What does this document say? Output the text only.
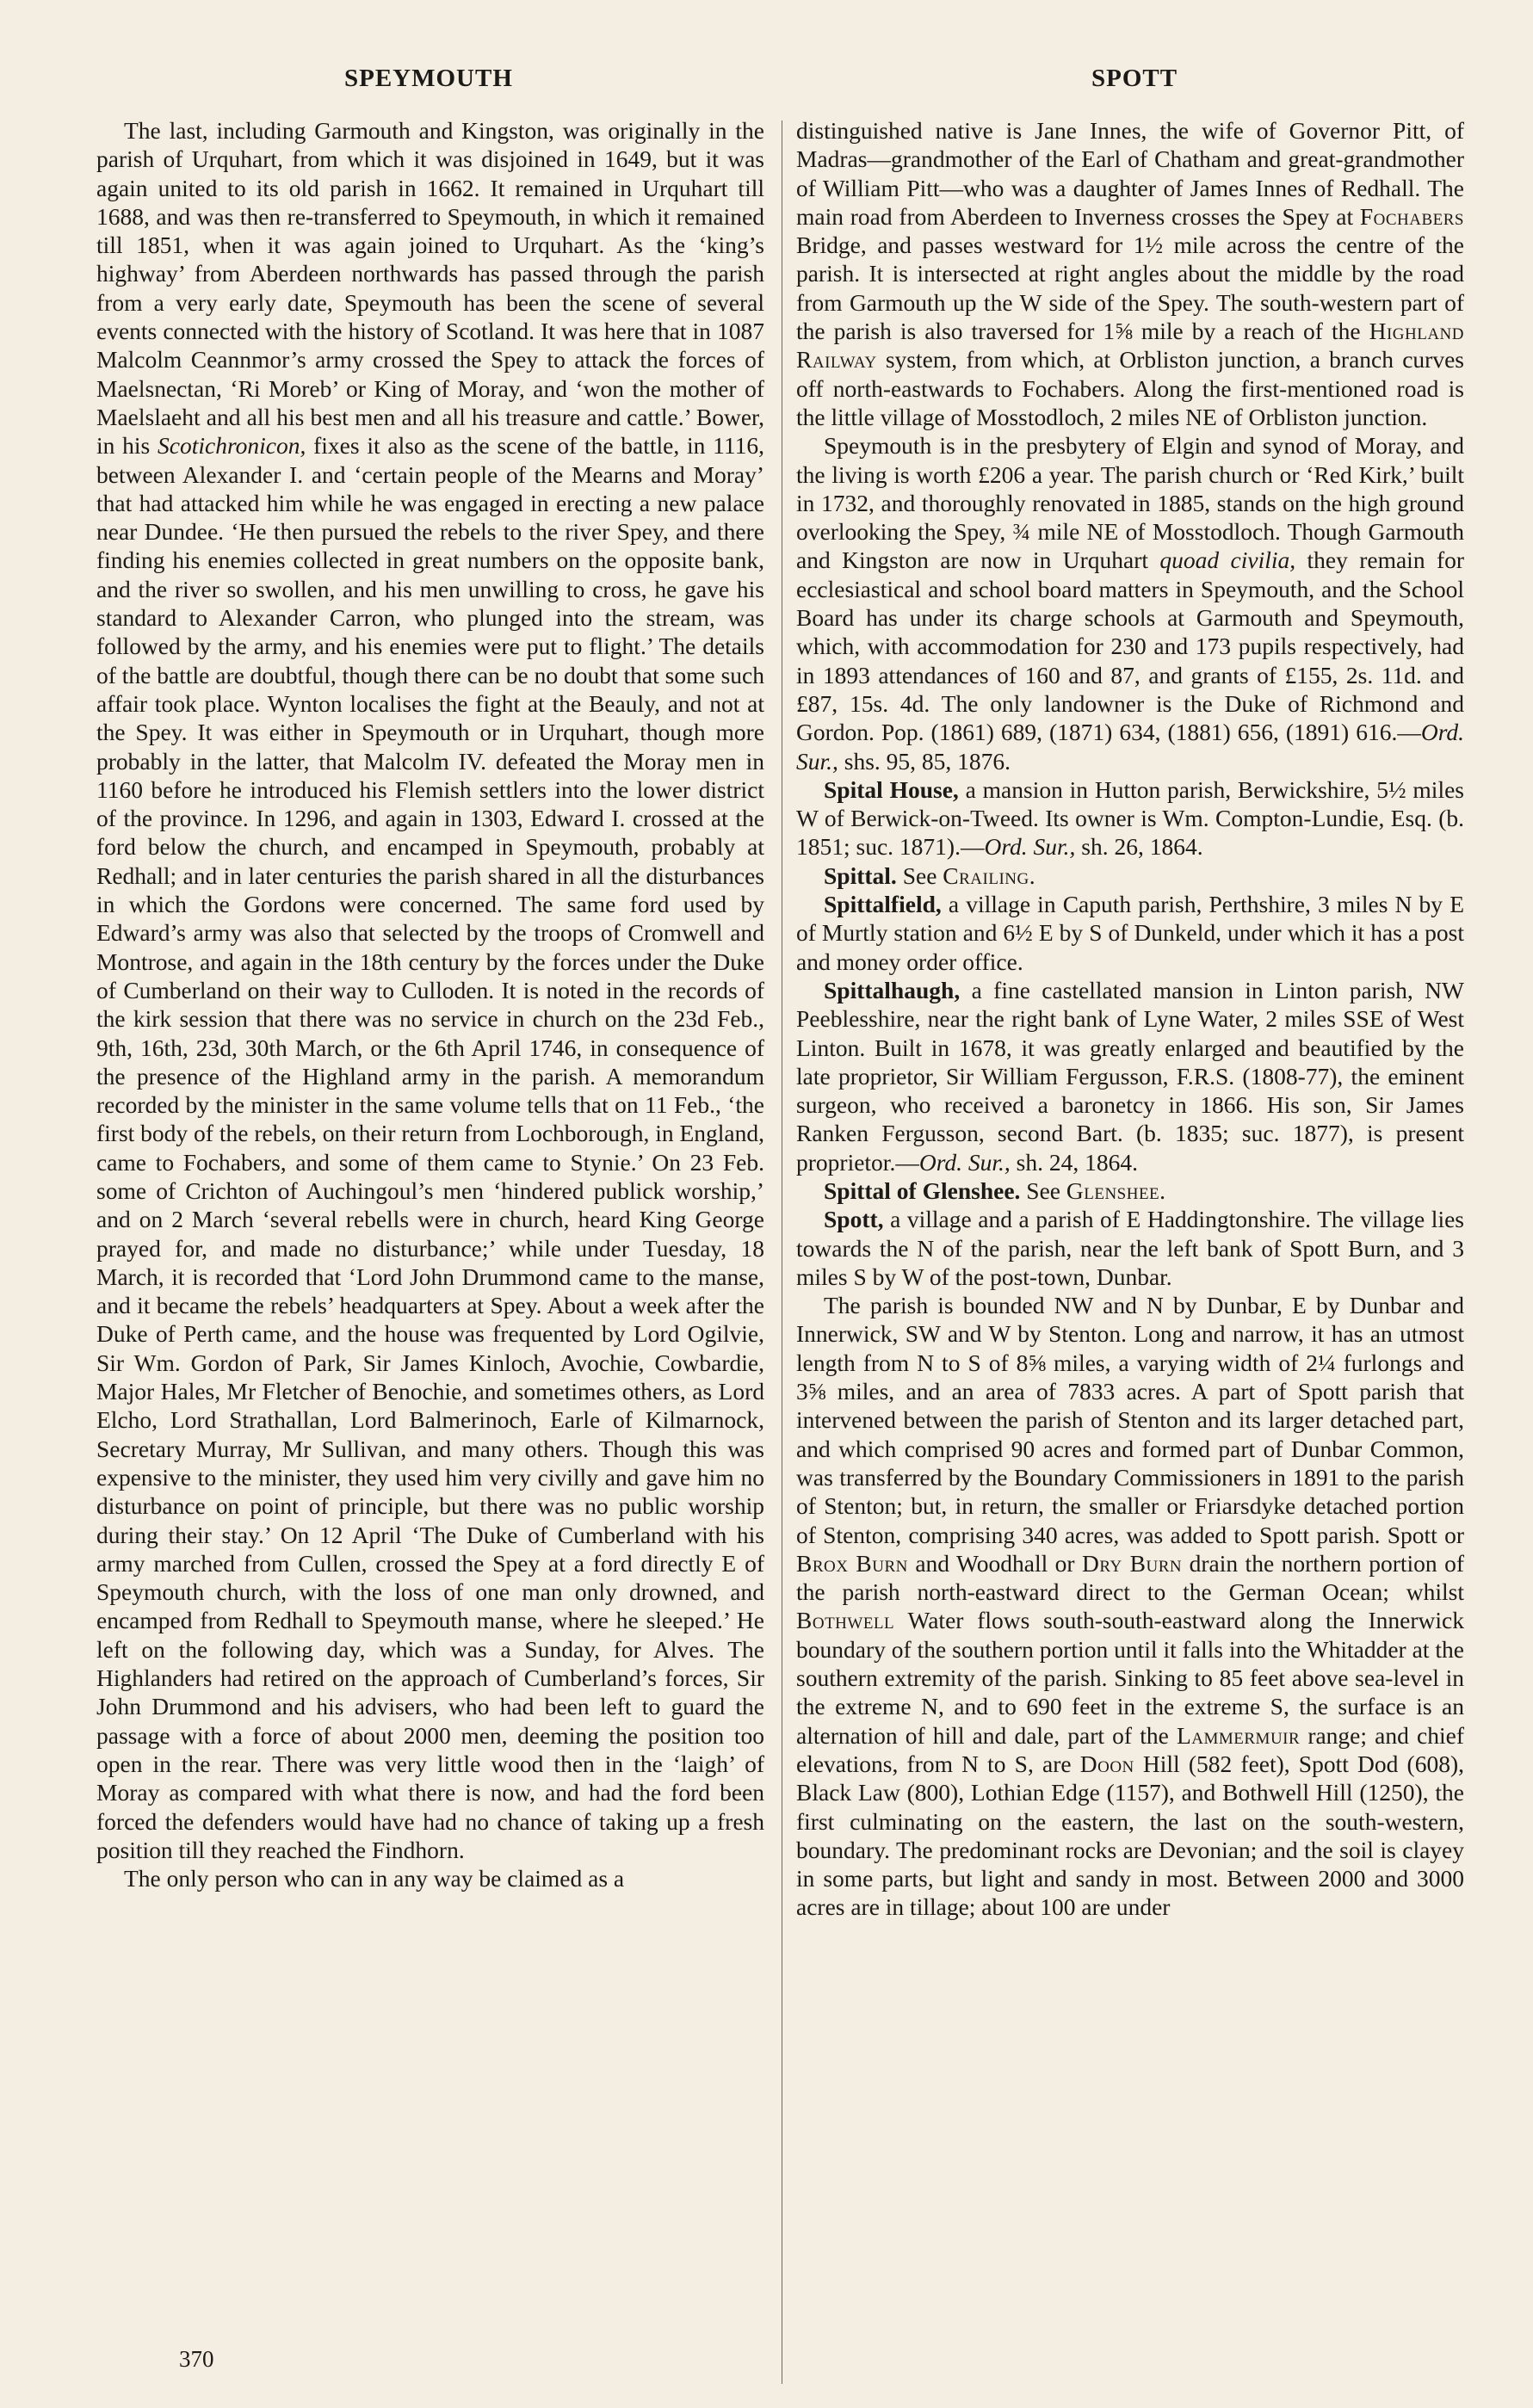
SPEYMOUTH	SPOTT

The last, including Garmouth and Kingston, was originally in the parish of Urquhart, from which it was disjoined in 1649, but it was again united to its old parish in 1662. It remained in Urquhart till 1688, and was then re-transferred to Speymouth, in which it remained till 1851, when it was again joined to Urquhart. As the ‘king’s highway’ from Aberdeen northwards has passed through the parish from a very early date, Speymouth has been the scene of several events connected with the history of Scotland. It was here that in 1087 Malcolm Ceannmor’s army crossed the Spey to attack the forces of Maelsnectan, ‘Ri Moreb’ or King of Moray, and ‘won the mother of Maelslaeht and all his best men and all his treasure and cattle.’ Bower, in his Scotichronicon, fixes it also as the scene of the battle, in 1116, between Alexander I. and ‘certain people of the Mearns and Moray’ that had attacked him while he was engaged in erecting a new palace near Dundee. ‘He then pursued the rebels to the river Spey, and there finding his enemies collected in great numbers on the opposite bank, and the river so swollen, and his men unwilling to cross, he gave his standard to Alexander Carron, who plunged into the stream, was followed by the army, and his enemies were put to flight.’ The details of the battle are doubtful, though there can be no doubt that some such affair took place. Wynton localises the fight at the Beauly, and not at the Spey. It was either in Speymouth or in Urquhart, though more probably in the latter, that Malcolm IV. defeated the Moray men in 1160 before he introduced his Flemish settlers into the lower district of the province. In 1296, and again in 1303, Edward I. crossed at the ford below the church, and encamped in Speymouth, probably at Redhall; and in later centuries the parish shared in all the disturbances in which the Gordons were concerned. The same ford used by Edward’s army was also that selected by the troops of Cromwell and Montrose, and again in the 18th century by the forces under the Duke of Cumberland on their way to Culloden. It is noted in the records of the kirk session that there was no service in church on the 23d Feb., 9th, 16th, 23d, 30th March, or the 6th April 1746, in consequence of the presence of the Highland army in the parish. A memorandum recorded by the minister in the same volume tells that on 11 Feb., ‘the first body of the rebels, on their return from Lochborough, in England, came to Fochabers, and some of them came to Stynie.’ On 23 Feb. some of Crichton of Auchingoul’s men ‘hindered publick worship,’ and on 2 March ‘several rebells were in church, heard King George prayed for, and made no disturbance;’ while under Tuesday, 18 March, it is recorded that ‘Lord John Drummond came to the manse, and it became the rebels’ headquarters at Spey. About a week after the Duke of Perth came, and the house was frequented by Lord Ogilvie, Sir Wm. Gordon of Park, Sir James Kinloch, Avochie, Cowbardie, Major Hales, Mr Fletcher of Benochie, and sometimes others, as Lord Elcho, Lord Strathallan, Lord Balmerinoch, Earle of Kilmarnock, Secretary Murray, Mr Sullivan, and many others. Though this was expensive to the minister, they used him very civilly and gave him no disturbance on point of principle, but there was no public worship during their stay.’ On 12 April ‘The Duke of Cumberland with his army marched from Cullen, crossed the Spey at a ford directly E of Speymouth church, with the loss of one man only drowned, and encamped from Redhall to Speymouth manse, where he sleeped.’ He left on the following day, which was a Sunday, for Alves. The Highlanders had retired on the approach of Cumberland’s forces, Sir John Drummond and his advisers, who had been left to guard the passage with a force of about 2000 men, deeming the position too open in the rear. There was very little wood then in the ‘laigh’ of Moray as compared with what there is now, and had the ford been forced the defenders would have had no chance of taking up a fresh position till they reached the Findhorn.

The only person who can in any way be claimed as a

distinguished native is Jane Innes, the wife of Governor Pitt, of Madras—grandmother of the Earl of Chatham and great-grandmother of William Pitt—who was a daughter of James Innes of Redhall. The main road from Aberdeen to Inverness crosses the Spey at Fochabers Bridge, and passes westward for 1½ mile across the centre of the parish. It is intersected at right angles about the middle by the road from Garmouth up the W side of the Spey. The south-western part of the parish is also traversed for 1⅝ mile by a reach of the Highland Railway system, from which, at Orbliston junction, a branch curves off north-eastwards to Fochabers. Along the first-mentioned road is the little village of Mosstodloch, 2 miles NE of Orbliston junction.

Speymouth is in the presbytery of Elgin and synod of Moray, and the living is worth £206 a year. The parish church or ‘Red Kirk,’ built in 1732, and thoroughly renovated in 1885, stands on the high ground overlooking the Spey, ¾ mile NE of Mosstodloch. Though Garmouth and Kingston are now in Urquhart quoad civilia, they remain for ecclesiastical and school board matters in Speymouth, and the School Board has under its charge schools at Garmouth and Speymouth, which, with accommodation for 230 and 173 pupils respectively, had in 1893 attendances of 160 and 87, and grants of £155, 2s. 11d. and £87, 15s. 4d. The only landowner is the Duke of Richmond and Gordon. Pop. (1861) 689, (1871) 634, (1881) 656, (1891) 616.—Ord. Sur., shs. 95, 85, 1876.

Spital House, a mansion in Hutton parish, Berwickshire, 5½ miles W of Berwick-on-Tweed. Its owner is Wm. Compton-Lundie, Esq. (b. 1851; suc. 1871).—Ord. Sur., sh. 26, 1864.

Spittal. See Crailing.

Spittalfield, a village in Caputh parish, Perthshire, 3 miles N by E of Murtly station and 6½ E by S of Dunkeld, under which it has a post and money order office.

Spittalhaugh, a fine castellated mansion in Linton parish, NW Peeblesshire, near the right bank of Lyne Water, 2 miles SSE of West Linton. Built in 1678, it was greatly enlarged and beautified by the late proprietor, Sir William Fergusson, F.R.S. (1808-77), the eminent surgeon, who received a baronetcy in 1866. His son, Sir James Ranken Fergusson, second Bart. (b. 1835; suc. 1877), is present proprietor.—Ord. Sur., sh. 24, 1864.

Spittal of Glenshee. See Glenshee.

Spott, a village and a parish of E Haddingtonshire. The village lies towards the N of the parish, near the left bank of Spott Burn, and 3 miles S by W of the post-town, Dunbar.

The parish is bounded NW and N by Dunbar, E by Dunbar and Innerwick, SW and W by Stenton. Long and narrow, it has an utmost length from N to S of 8⅝ miles, a varying width of 2¼ furlongs and 3⅝ miles, and an area of 7833 acres. A part of Spott parish that intervened between the parish of Stenton and its larger detached part, and which comprised 90 acres and formed part of Dunbar Common, was transferred by the Boundary Commissioners in 1891 to the parish of Stenton; but, in return, the smaller or Friarsdyke detached portion of Stenton, comprising 340 acres, was added to Spott parish. Spott or Brox Burn and Woodhall or Dry Burn drain the northern portion of the parish north-eastward direct to the German Ocean; whilst Bothwell Water flows south-south-eastward along the Innerwick boundary of the southern portion until it falls into the Whitadder at the southern extremity of the parish. Sinking to 85 feet above sea-level in the extreme N, and to 690 feet in the extreme S, the surface is an alternation of hill and dale, part of the Lammermuir range; and chief elevations, from N to S, are Doon Hill (582 feet), Spott Dod (608), Black Law (800), Lothian Edge (1157), and Bothwell Hill (1250), the first culminating on the eastern, the last on the south-western, boundary. The predominant rocks are Devonian; and the soil is clayey in some parts, but light and sandy in most. Between 2000 and 3000 acres are in tillage; about 100 are under

370
